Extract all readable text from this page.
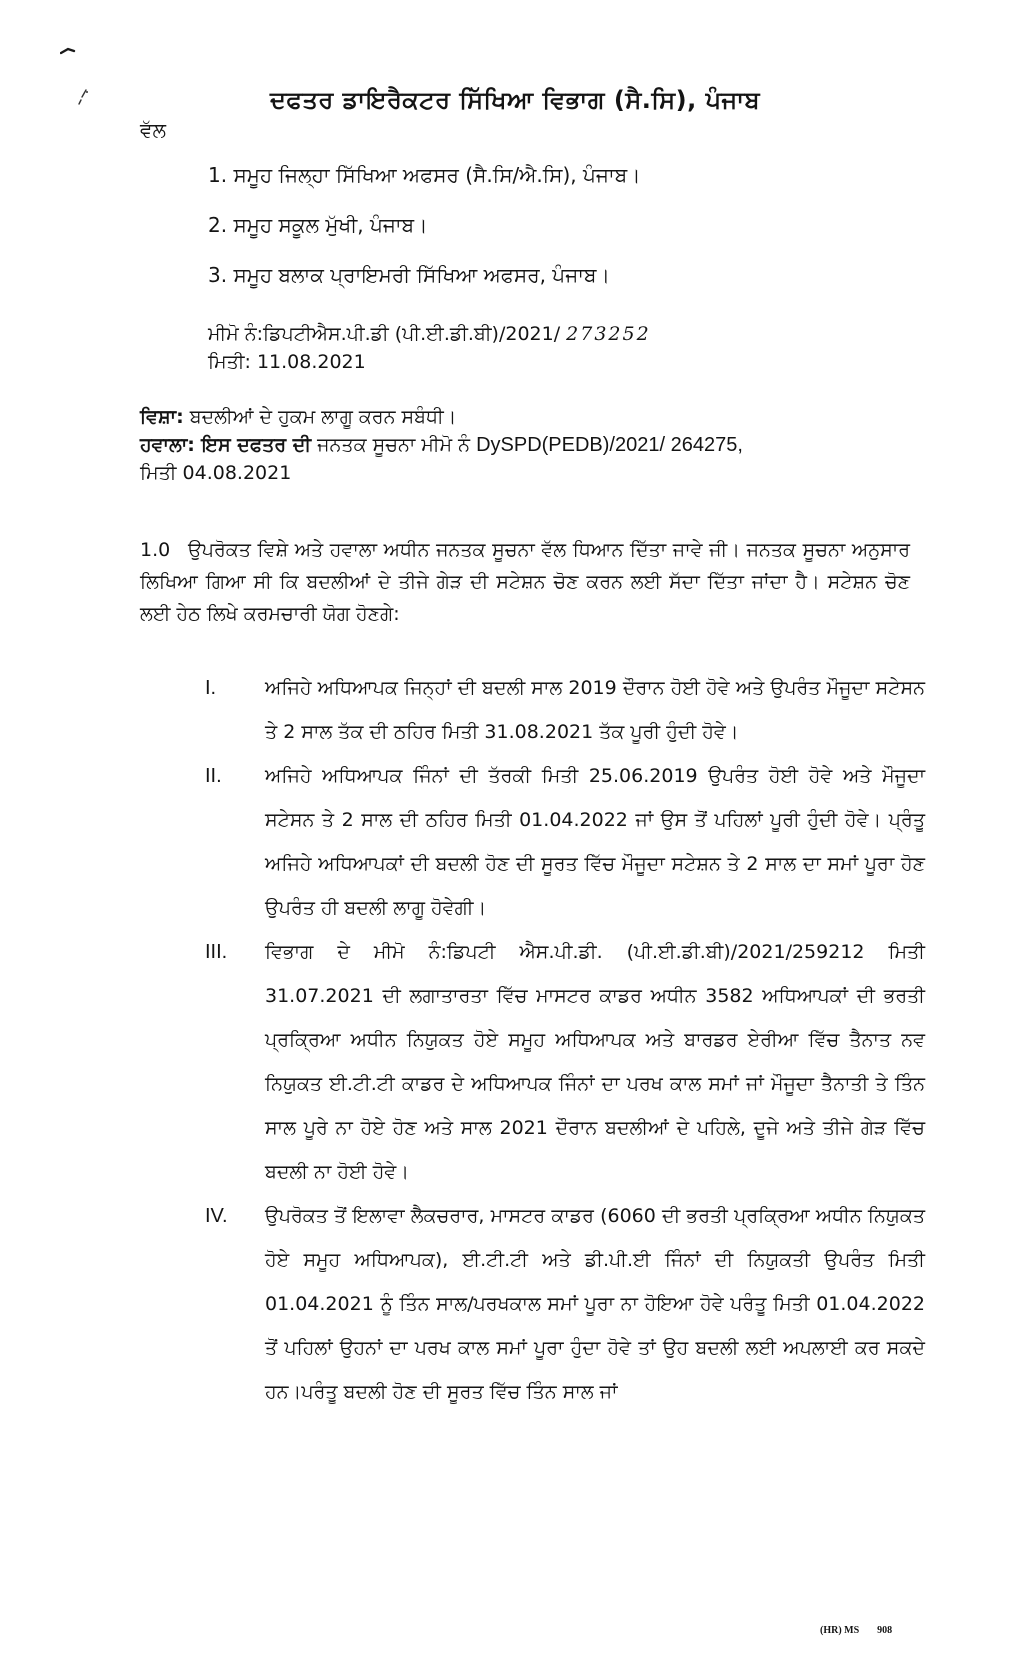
ਦਫਤਰ ਡਾਇਰੈਕਟਰ ਸਿੱਖਿਆ ਵਿਭਾਗ (ਸੈ.ਸਿ), ਪੰਜਾਬ
ਵੱਲ
1. ਸਮੂਹ ਜਿਲ੍ਹਾ ਸਿੱਖਿਆ ਅਫਸਰ (ਸੈ.ਸਿ/ਐ.ਸਿ), ਪੰਜਾਬ।
2. ਸਮੂਹ ਸਕੂਲ ਮੁੱਖੀ, ਪੰਜਾਬ।
3. ਸਮੂਹ ਬਲਾਕ ਪ੍ਰਾਇਮਰੀ ਸਿੱਖਿਆ ਅਫਸਰ, ਪੰਜਾਬ।
ਮੀਮੋ ਨੰ:ਡਿਪਟੀਐਸ.ਪੀ.ਡੀ (ਪੀ.ਈ.ਡੀ.ਬੀ)/2021/ 273252
ਮਿਤੀ: 11.08.2021
ਵਿਸ਼ਾ: ਬਦਲੀਆਂ ਦੇ ਹੁਕਮ ਲਾਗੂ ਕਰਨ ਸਬੰਧੀ।
ਹਵਾਲਾ: ਇਸ ਦਫਤਰ ਦੀ ਜਨਤਕ ਸੂਚਨਾ ਮੀਮੋ ਨੰ DySPD(PEDB)/2021/ 264275,
ਮਿਤੀ 04.08.2021
1.0 ਉਪਰੋਕਤ ਵਿਸ਼ੇ ਅਤੇ ਹਵਾਲਾ ਅਧੀਨ ਜਨਤਕ ਸੂਚਨਾ ਵੱਲ ਧਿਆਨ ਦਿੱਤਾ ਜਾਵੇ ਜੀ। ਜਨਤਕ ਸੂਚਨਾ ਅਨੁਸਾਰ ਲਿਖਿਆ ਗਿਆ ਸੀ ਕਿ ਬਦਲੀਆਂ ਦੇ ਤੀਜੇ ਗੇੜ ਦੀ ਸਟੇਸ਼ਨ ਚੋਣ ਕਰਨ ਲਈ ਸੱਦਾ ਦਿੱਤਾ ਜਾਂਦਾ ਹੈ। ਸਟੇਸ਼ਨ ਚੋਣ ਲਈ ਹੇਠ ਲਿਖੇ ਕਰਮਚਾਰੀ ਯੋਗ ਹੋਣਗੇ:
I.	ਅਜਿਹੇ ਅਧਿਆਪਕ ਜਿਨ੍ਹਾਂ ਦੀ ਬਦਲੀ ਸਾਲ 2019 ਦੌਰਾਨ ਹੋਈ ਹੋਵੇ ਅਤੇ ਉਪਰੰਤ ਮੌਜੂਦਾ ਸਟੇਸਨ ਤੇ 2 ਸਾਲ ਤੱਕ ਦੀ ਠਹਿਰ ਮਿਤੀ 31.08.2021 ਤੱਕ ਪੂਰੀ ਹੁੰਦੀ ਹੋਵੇ।
II.	ਅਜਿਹੇ ਅਧਿਆਪਕ ਜਿੰਨਾਂ ਦੀ ਤੱਰਕੀ ਮਿਤੀ 25.06.2019 ਉਪਰੰਤ ਹੋਈ ਹੋਵੇ ਅਤੇ ਮੌਜੂਦਾ ਸਟੇਸਨ ਤੇ 2 ਸਾਲ ਦੀ ਠਹਿਰ ਮਿਤੀ 01.04.2022 ਜਾਂ ਉਸ ਤੋਂ ਪਹਿਲਾਂ ਪੂਰੀ ਹੁੰਦੀ ਹੋਵੇ। ਪ੍ਰੰਤੂ ਅਜਿਹੇ ਅਧਿਆਪਕਾਂ ਦੀ ਬਦਲੀ ਹੋਣ ਦੀ ਸੂਰਤ ਵਿੱਚ ਮੌਜੂਦਾ ਸਟੇਸ਼ਨ ਤੇ 2 ਸਾਲ ਦਾ ਸਮਾਂ ਪੂਰਾ ਹੋਣ ਉਪਰੰਤ ਹੀ ਬਦਲੀ ਲਾਗੂ ਹੋਵੇਗੀ।
III.	ਵਿਭਾਗ ਦੇ ਮੀਮੋ ਨੰ:ਡਿਪਟੀ ਐਸ.ਪੀ.ਡੀ. (ਪੀ.ਈ.ਡੀ.ਬੀ)/2021/259212 ਮਿਤੀ 31.07.2021 ਦੀ ਲਗਾਤਾਰਤਾ ਵਿੱਚ ਮਾਸਟਰ ਕਾਡਰ ਅਧੀਨ 3582 ਅਧਿਆਪਕਾਂ ਦੀ ਭਰਤੀ ਪ੍ਰਕ੍ਰਿਆ ਅਧੀਨ ਨਿਯੁਕਤ ਹੋਏ ਸਮੂਹ ਅਧਿਆਪਕ ਅਤੇ ਬਾਰਡਰ ਏਰੀਆ ਵਿੱਚ ਤੈਨਾਤ ਨਵ ਨਿਯੁਕਤ ਈ.ਟੀ.ਟੀ ਕਾਡਰ ਦੇ ਅਧਿਆਪਕ ਜਿੰਨਾਂ ਦਾ ਪਰਖ ਕਾਲ ਸਮਾਂ ਜਾਂ ਮੌਜੂਦਾ ਤੈਨਾਤੀ ਤੇ ਤਿੰਨ ਸਾਲ ਪੂਰੇ ਨਾ ਹੋਏ ਹੋਣ ਅਤੇ ਸਾਲ 2021 ਦੌਰਾਨ ਬਦਲੀਆਂ ਦੇ ਪਹਿਲੇ, ਦੂਜੇ ਅਤੇ ਤੀਜੇ ਗੇੜ ਵਿੱਚ ਬਦਲੀ ਨਾ ਹੋਈ ਹੋਵੇ।
IV.	ਉਪਰੋਕਤ ਤੋਂ ਇਲਾਵਾ ਲੈਕਚਰਾਰ, ਮਾਸਟਰ ਕਾਡਰ (6060 ਦੀ ਭਰਤੀ ਪ੍ਰਕ੍ਰਿਆ ਅਧੀਨ ਨਿਯੁਕਤ ਹੋਏ ਸਮੂਹ ਅਧਿਆਪਕ), ਈ.ਟੀ.ਟੀ ਅਤੇ ਡੀ.ਪੀ.ਈ ਜਿੰਨਾਂ ਦੀ ਨਿਯੁਕਤੀ ਉਪਰੰਤ ਮਿਤੀ 01.04.2021 ਨੂੰ ਤਿੰਨ ਸਾਲ/ਪਰਖਕਾਲ ਸਮਾਂ ਪੂਰਾ ਨਾ ਹੋਇਆ ਹੋਵੇ ਪਰੰਤੂ ਮਿਤੀ 01.04.2022 ਤੋਂ ਪਹਿਲਾਂ ਉਹਨਾਂ ਦਾ ਪਰਖ ਕਾਲ ਸਮਾਂ ਪੂਰਾ ਹੁੰਦਾ ਹੋਵੇ ਤਾਂ ਉਹ ਬਦਲੀ ਲਈ ਅਪਲਾਈ ਕਰ ਸਕਦੇ ਹਨ।ਪਰੰਤੂ ਬਦਲੀ ਹੋਣ ਦੀ ਸੂਰਤ ਵਿੱਚ ਤਿੰਨ ਸਾਲ ਜਾਂ
(HR) MS 908
